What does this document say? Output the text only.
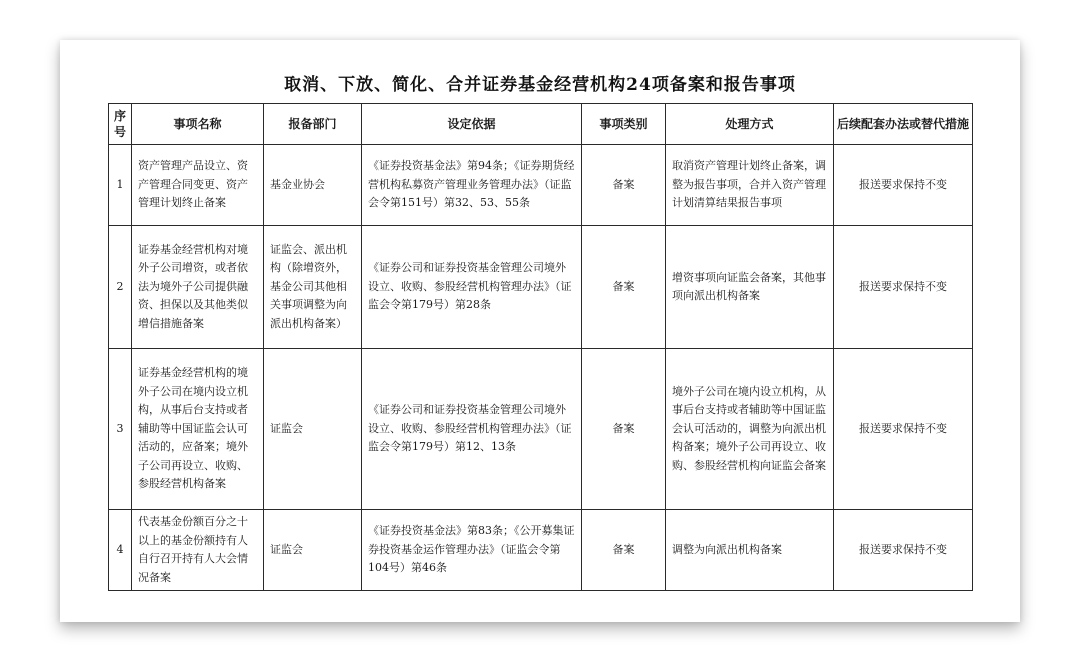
取消、下放、简化、合并证券基金经营机构24项备案和报告事项
序号	事项名称	报备部门	设定依据	事项类别	处理方式	后续配套办法或替代措施
1	资产管理产品设立、资产管理合同变更、资产管理计划终止备案	基金业协会	《证券投资基金法》第94条；《证券期货经营机构私募资产管理业务管理办法》（证监会令第151号）第32、53、55条	备案	取消资产管理计划终止备案，调整为报告事项，合并入资产管理计划清算结果报告事项	报送要求保持不变
2	证券基金经营机构对境外子公司增资，或者依法为境外子公司提供融资、担保以及其他类似增信措施备案	证监会、派出机构（除增资外，基金公司其他相关事项调整为向派出机构备案）	《证券公司和证券投资基金管理公司境外设立、收购、参股经营机构管理办法》（证监会令第179号）第28条	备案	增资事项向证监会备案，其他事项向派出机构备案	报送要求保持不变
3	证券基金经营机构的境外子公司在境内设立机构，从事后台支持或者辅助等中国证监会认可活动的，应备案；境外子公司再设立、收购、参股经营机构备案	证监会	《证券公司和证券投资基金管理公司境外设立、收购、参股经营机构管理办法》（证监会令第179号）第12、13条	备案	境外子公司在境内设立机构，从事后台支持或者辅助等中国证监会认可活动的，调整为向派出机构备案；境外子公司再设立、收购、参股经营机构向证监会备案	报送要求保持不变
4	代表基金份额百分之十以上的基金份额持有人自行召开持有人大会情况备案	证监会	《证券投资基金法》第83条；《公开募集证券投资基金运作管理办法》（证监会令第104号）第46条	备案	调整为向派出机构备案	报送要求保持不变
